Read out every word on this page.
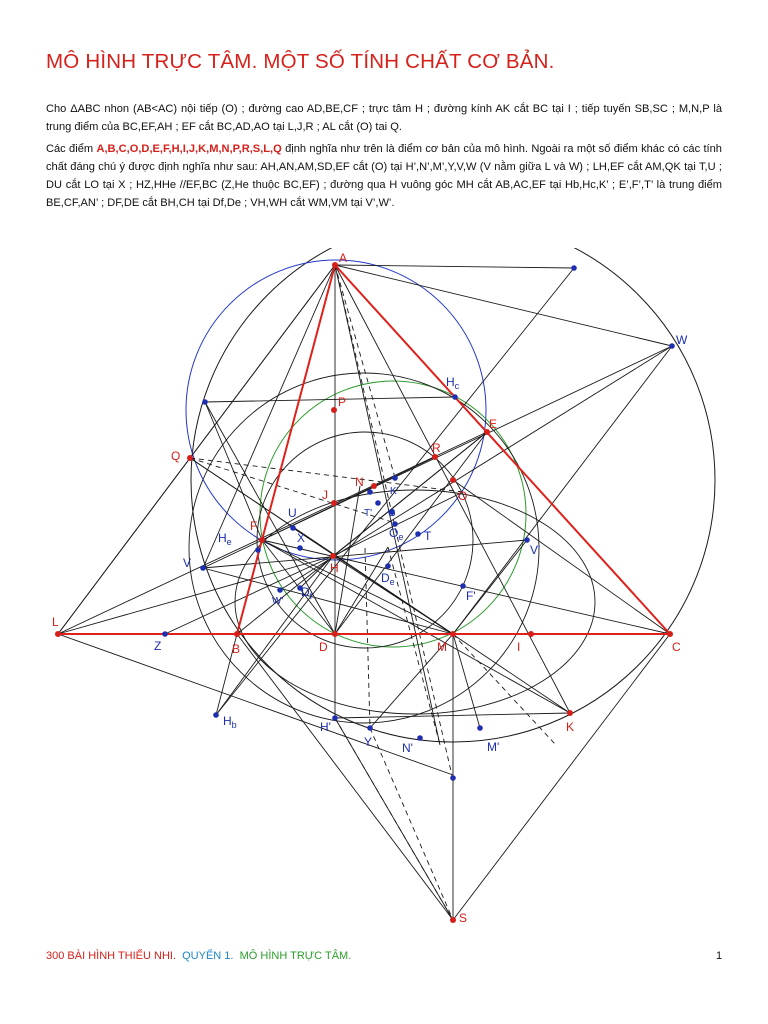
MÔ HÌNH TRỰC TÂM. MỘT SỐ TÍNH CHẤT CƠ BẢN.

Cho ΔABC nhon (AB<AC) nội tiếp (O) ; đường cao AD,BE,CF ; trực tâm H ; đường kính AK cắt BC tại I ; tiếp tuyến SB,SC ; M,N,P là trung điểm của BC,EF,AH ; EF cắt BC,AD,AO tại L,J,R ; AL cắt (O) tai Q.

Các điểm A,B,C,O,D,E,F,H,I,J,K,M,N,P,R,S,L,Q định nghĩa như trên là điểm cơ bản của mô hình. Ngoài ra một số điểm khác có các tính chất đáng chú ý được định nghĩa như sau: AH,AN,AM,SD,EF cắt (O) tại H’,N’,M’,Y,V,W (V nằm giữa L và W) ; LH,EF cắt AM,QK tại T,U ; DU cắt LO tại X ; HZ,HHe //EF,BC (Z,He thuộc BC,EF) ; đường qua H vuông góc MH cắt AB,AC,EF tại Hb,Hc,K’ ; E’,F’,T’ là trung điểm BE,CF,AN’ ; DF,DE cắt BH,CH tại Df,De ; VH,WH cắt WM,VM tại V’,W’.

A
B	C
D
E
F
H
I
J
K
L
M
N
O
P
Q
R
S
W
$H_c$
K'
T' G
$O_e$ T
U
X
$H_e$
V
V'
$D_e$
F'
W'
$D_f$
Z
$H_b$	H'
Y N'	M'
300 BÀI HÌNH THIẾU NHI. QUYỂN 1. MÔ HÌNH TRỰC TÂM.	1
